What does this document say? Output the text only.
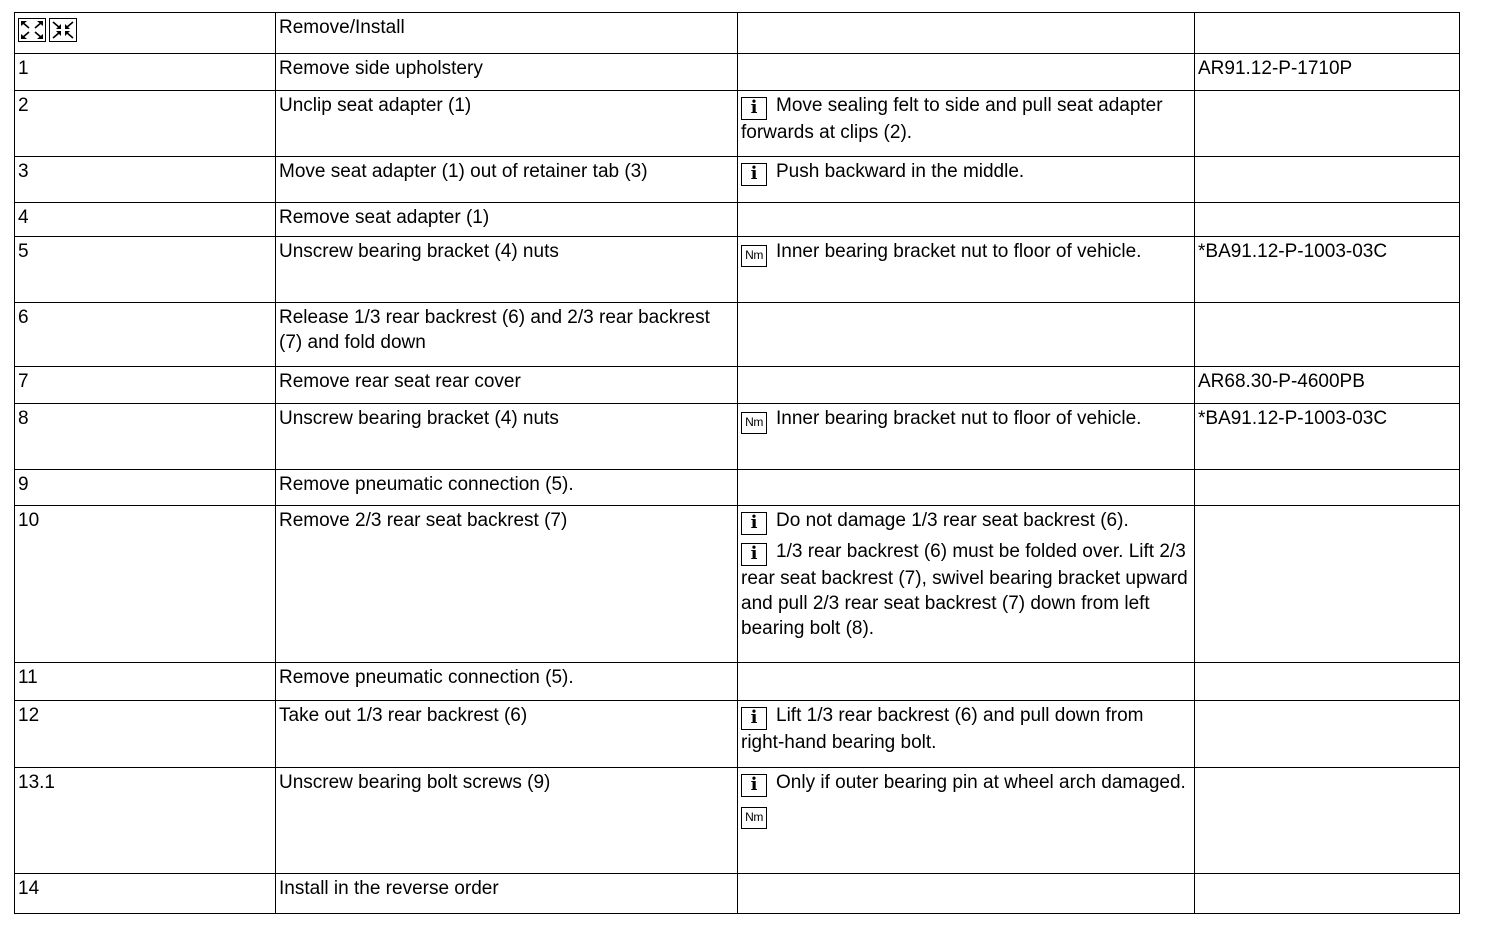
	Remove/Install		
1	Remove side upholstery		AR91.12-P-1710P
2	Unclip seat adapter (1)	i Move sealing felt to side and pull seat adapter forwards at clips (2).	

3	Move seat adapter (1) out of retainer tab (3)	i Push backward in the middle.	

4	Remove seat adapter (1)		
5	Unscrew bearing bracket (4) nuts	Nm Inner bearing bracket nut to floor of vehicle.	*BA91.12-P-1003-03C
6	Release 1/3 rear backrest (6) and 2/3 rear backrest (7) and fold down		
7	Remove rear seat rear cover		AR68.30-P-4600PB
8	Unscrew bearing bracket (4) nuts	Nm Inner bearing bracket nut to floor of vehicle.	*BA91.12-P-1003-03C
9	Remove pneumatic connection (5).		
10	Remove 2/3 rear seat backrest (7)	i Do not damage 1/3 rear seat backrest (6).
i 1/3 rear backrest (6) must be folded over. Lift 2/3 rear seat backrest (7), swivel bearing bracket upward and pull 2/3 rear seat backrest (7) down from left bearing bolt (8).	

11	Remove pneumatic connection (5).		
12	Take out 1/3 rear backrest (6)	i Lift 1/3 rear backrest (6) and pull down from right-hand bearing bolt.	

13.1	Unscrew bearing bolt screws (9)	i Only if outer bearing pin at wheel arch damaged.
Nm	

14	Install in the reverse order		
